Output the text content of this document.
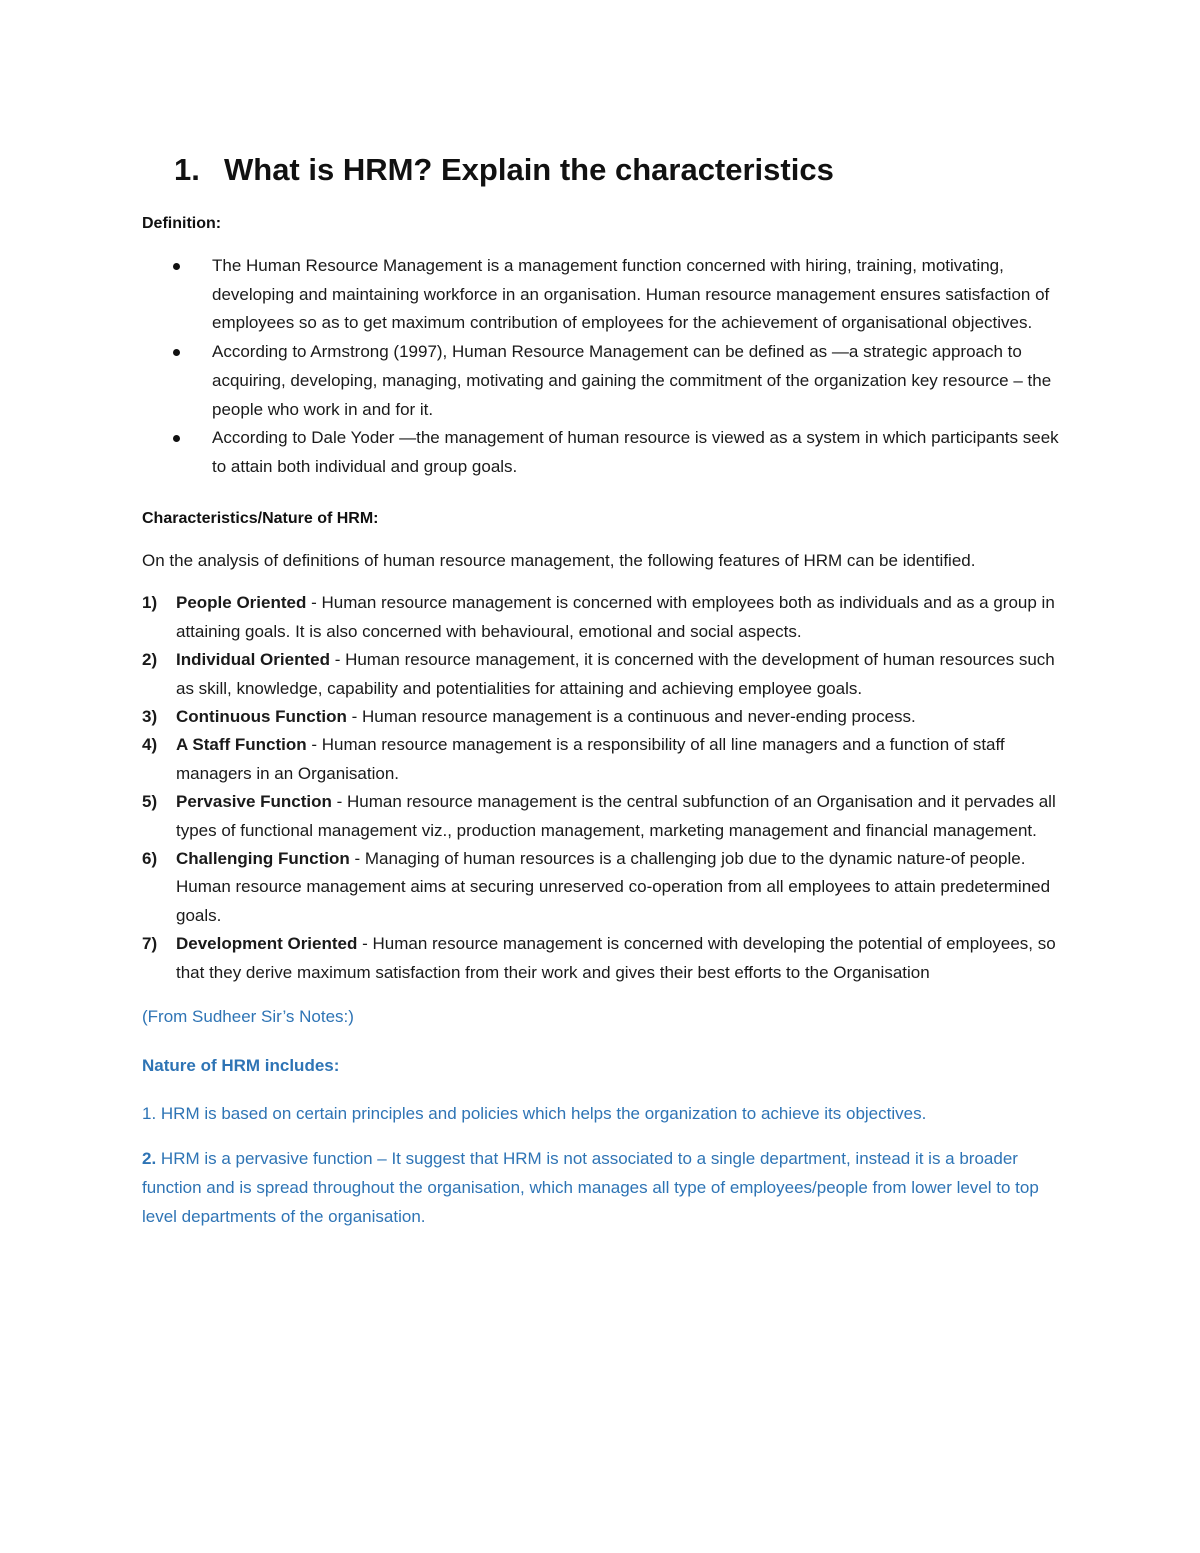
1. What is HRM? Explain the characteristics

Definition:

The Human Resource Management is a management function concerned with hiring, training, motivating, developing and maintaining workforce in an organisation. Human resource management ensures satisfaction of employees so as to get maximum contribution of employees for the achievement of organisational objectives.
According to Armstrong (1997), Human Resource Management can be defined as —a strategic approach to acquiring, developing, managing, motivating and gaining the commitment of the organization key resource – the people who work in and for it.
According to Dale Yoder —the management of human resource is viewed as a system in which participants seek to attain both individual and group goals.

Characteristics/Nature of HRM:

On the analysis of definitions of human resource management, the following features of HRM can be identified.

1) People Oriented - Human resource management is concerned with employees both as individuals and as a group in attaining goals. It is also concerned with behavioural, emotional and social aspects.
2) Individual Oriented - Human resource management, it is concerned with the development of human resources such as skill, knowledge, capability and potentialities for attaining and achieving employee goals.
3) Continuous Function - Human resource management is a continuous and never-ending process.
4) A Staff Function - Human resource management is a responsibility of all line managers and a function of staff managers in an Organisation.
5) Pervasive Function - Human resource management is the central subfunction of an Organisation and it pervades all types of functional management viz., production management, marketing management and financial management.
6) Challenging Function - Managing of human resources is a challenging job due to the dynamic nature-of people. Human resource management aims at securing unreserved co-operation from all employees to attain predetermined goals.
7) Development Oriented - Human resource management is concerned with developing the potential of employees, so that they derive maximum satisfaction from their work and gives their best efforts to the Organisation

(From Sudheer Sir’s Notes:)

Nature of HRM includes:

1. HRM is based on certain principles and policies which helps the organization to achieve its objectives.

2. HRM is a pervasive function – It suggest that HRM is not associated to a single department, instead it is a broader function and is spread throughout the organisation, which manages all type of employees/people from lower level to top level departments of the organisation.
